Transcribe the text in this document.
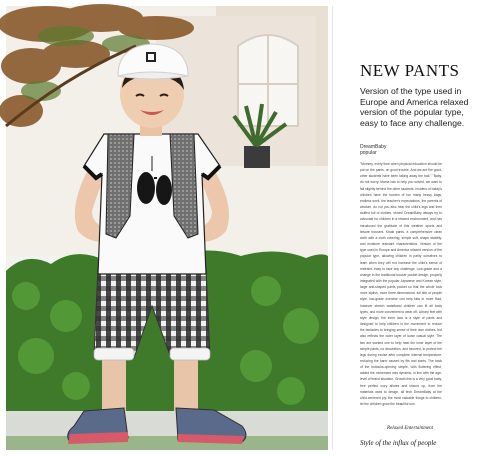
NEW PANTS
Version of the type used in
Europe and America relaxed
version of the popular type,
easy to face any challenge.
DreamBaby
popular
"Mommy, every time when physical education should be put on the pants, on good trouble. And we are the good, other students have been taking away the ball." "Baby, do not worry. Mama has to help you solved, we want to fail slightly behind the other students. Insiders of today's children have the burden of too many heavy bags, endless work. the teacher's expectations, the parents of wisdom, do not you also hear the child's legs and their stuffed full of clothes, shoes! DreamBaby always try to advocate for children in a relaxed environment, and has introduced the gratitude of this weather sports and leisure trousers. Khaki pants, a comprehensive clean cloth with a cloth covering, simple soft, shape stability, and moisture resistant characteristics. Version of the type used in Europe and America relaxed version of the popular type, allowing children in parity ourselves to learn when they will not increase the child's sense of restraint, easy to face any challenge. Low-grade and a change in the traditional trouser pocket design, properly integrated with the popular Japanese and Korean style, large anti-shaped pants pocket so that the whole look more stylish, more three-dimensional, full tide of people style. low-grade exercise can help kids in more fluid, however stretch waistband children can fit all body types, and more convenient to wear off. Library feet with style design, the inner lace is a style of pants and designed to help children in the movement to reduce the tentacles to bringing sense of their own clothes. but also reflects the outer layer of loose casual style. The two are worked one to help heat the inner layer of the simple pants, no decoration, and secured, to protect the legs during excise after complete internal temperature, reducing the harm caused by fits and starts. The back of the buttocks-opening simple, with fluttering effect, added the movement was dynamic, in line with the age-level of brand situation. Growth this is a very good baby, free perfect cozy allures and leisure up, from the materials used to design, all tech DreamBaby at the child-centered joy, the most valuable things to children, let the children grow the beautiful sun.
Relaxed Entertainment
Style of the influx of people
